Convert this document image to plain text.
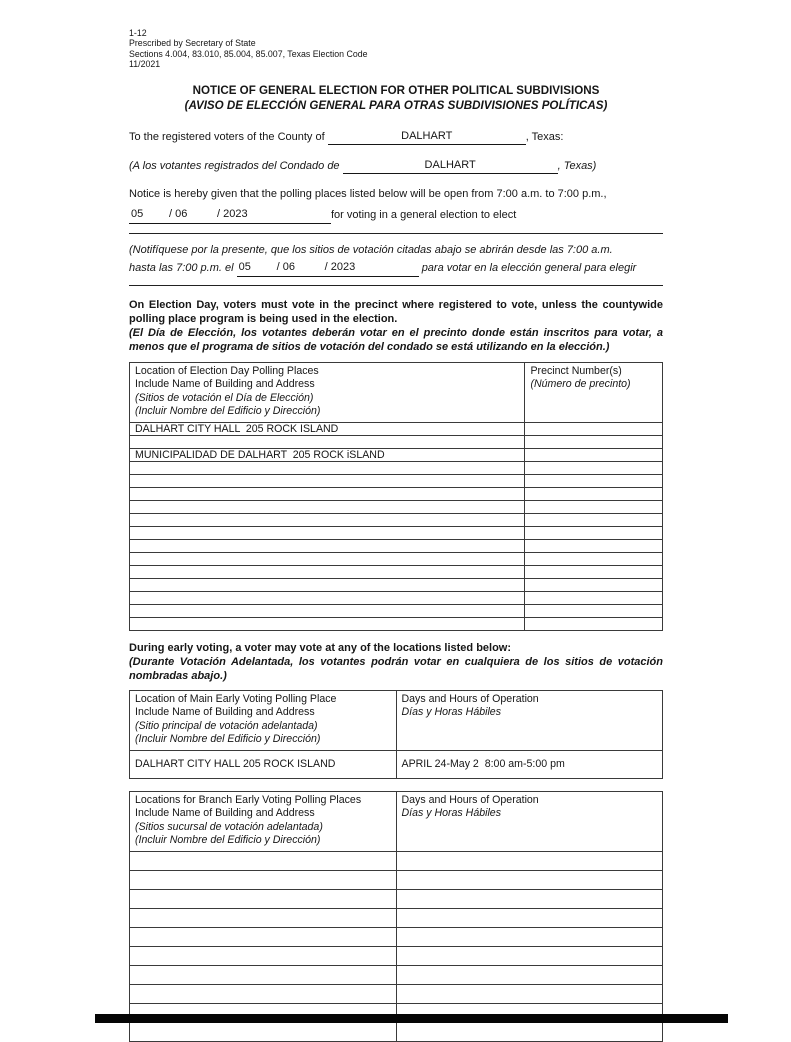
1-12
Prescribed by Secretary of State
Sections 4.004, 83.010, 85.004, 85.007, Texas Election Code
11/2021
NOTICE OF GENERAL ELECTION FOR OTHER POLITICAL SUBDIVISIONS
(AVISO DE ELECCIÓN GENERAL PARA OTRAS SUBDIVISIONES POLÍTICAS)

To the registered voters of the County of	DALHART	, Texas:

(A los votantes registrados del Condado de	DALHART	, Texas)

Notice is hereby given that the polling places listed below will be open from 7:00 a.m. to 7:00 p.m.,

05 / 06	/ 2023	for voting in a general election to elect

(Notifíquese por la presente, que los sitios de votación citadas abajo se abrirán desde las 7:00 a.m.

hasta las 7:00 p.m. el 05 / 06	/ 2023	para votar en la elección general para elegir

On Election Day, voters must vote in the precinct where registered to vote, unless the countywide polling place program is being used in the election.

(El Día de Elección, los votantes deberán votar en el precinto donde están inscritos para votar, a menos que el programa de sitios de votación del condado se está utilizando en la elección.)

Location of Election Day Polling Places
Include Name of Building and Address
(Sitios de votación el Día de Elección)
(Incluir Nombre del Edificio y Dirección)

Precinct Number(s)
(Número de precinto)

DALHART CITY HALL  205 ROCK ISLAND	

MUNICIPALIDAD DE DALHART  205 ROCK iSLAND	

During early voting, a voter may vote at any of the locations listed below:

(Durante Votación Adelantada, los votantes podrán votar en cualquiera de los sitios de votación nombradas abajo.)

Location of Main Early Voting Polling Place
Include Name of Building and Address
(Sitio principal de votación adelantada)
(Incluir Nombre del Edificio y Dirección)

Days and Hours of Operation
Días y Horas Hábiles

DALHART CITY HALL 205 ROCK ISLAND	APRIL 24-May 2  8:00 am-5:00 pm
Locations for Branch Early Voting Polling Places
Include Name of Building and Address
(Sitios sucursal de votación adelantada)
(Incluir Nombre del Edificio y Dirección)

Days and Hours of Operation
Días y Horas Hábiles
